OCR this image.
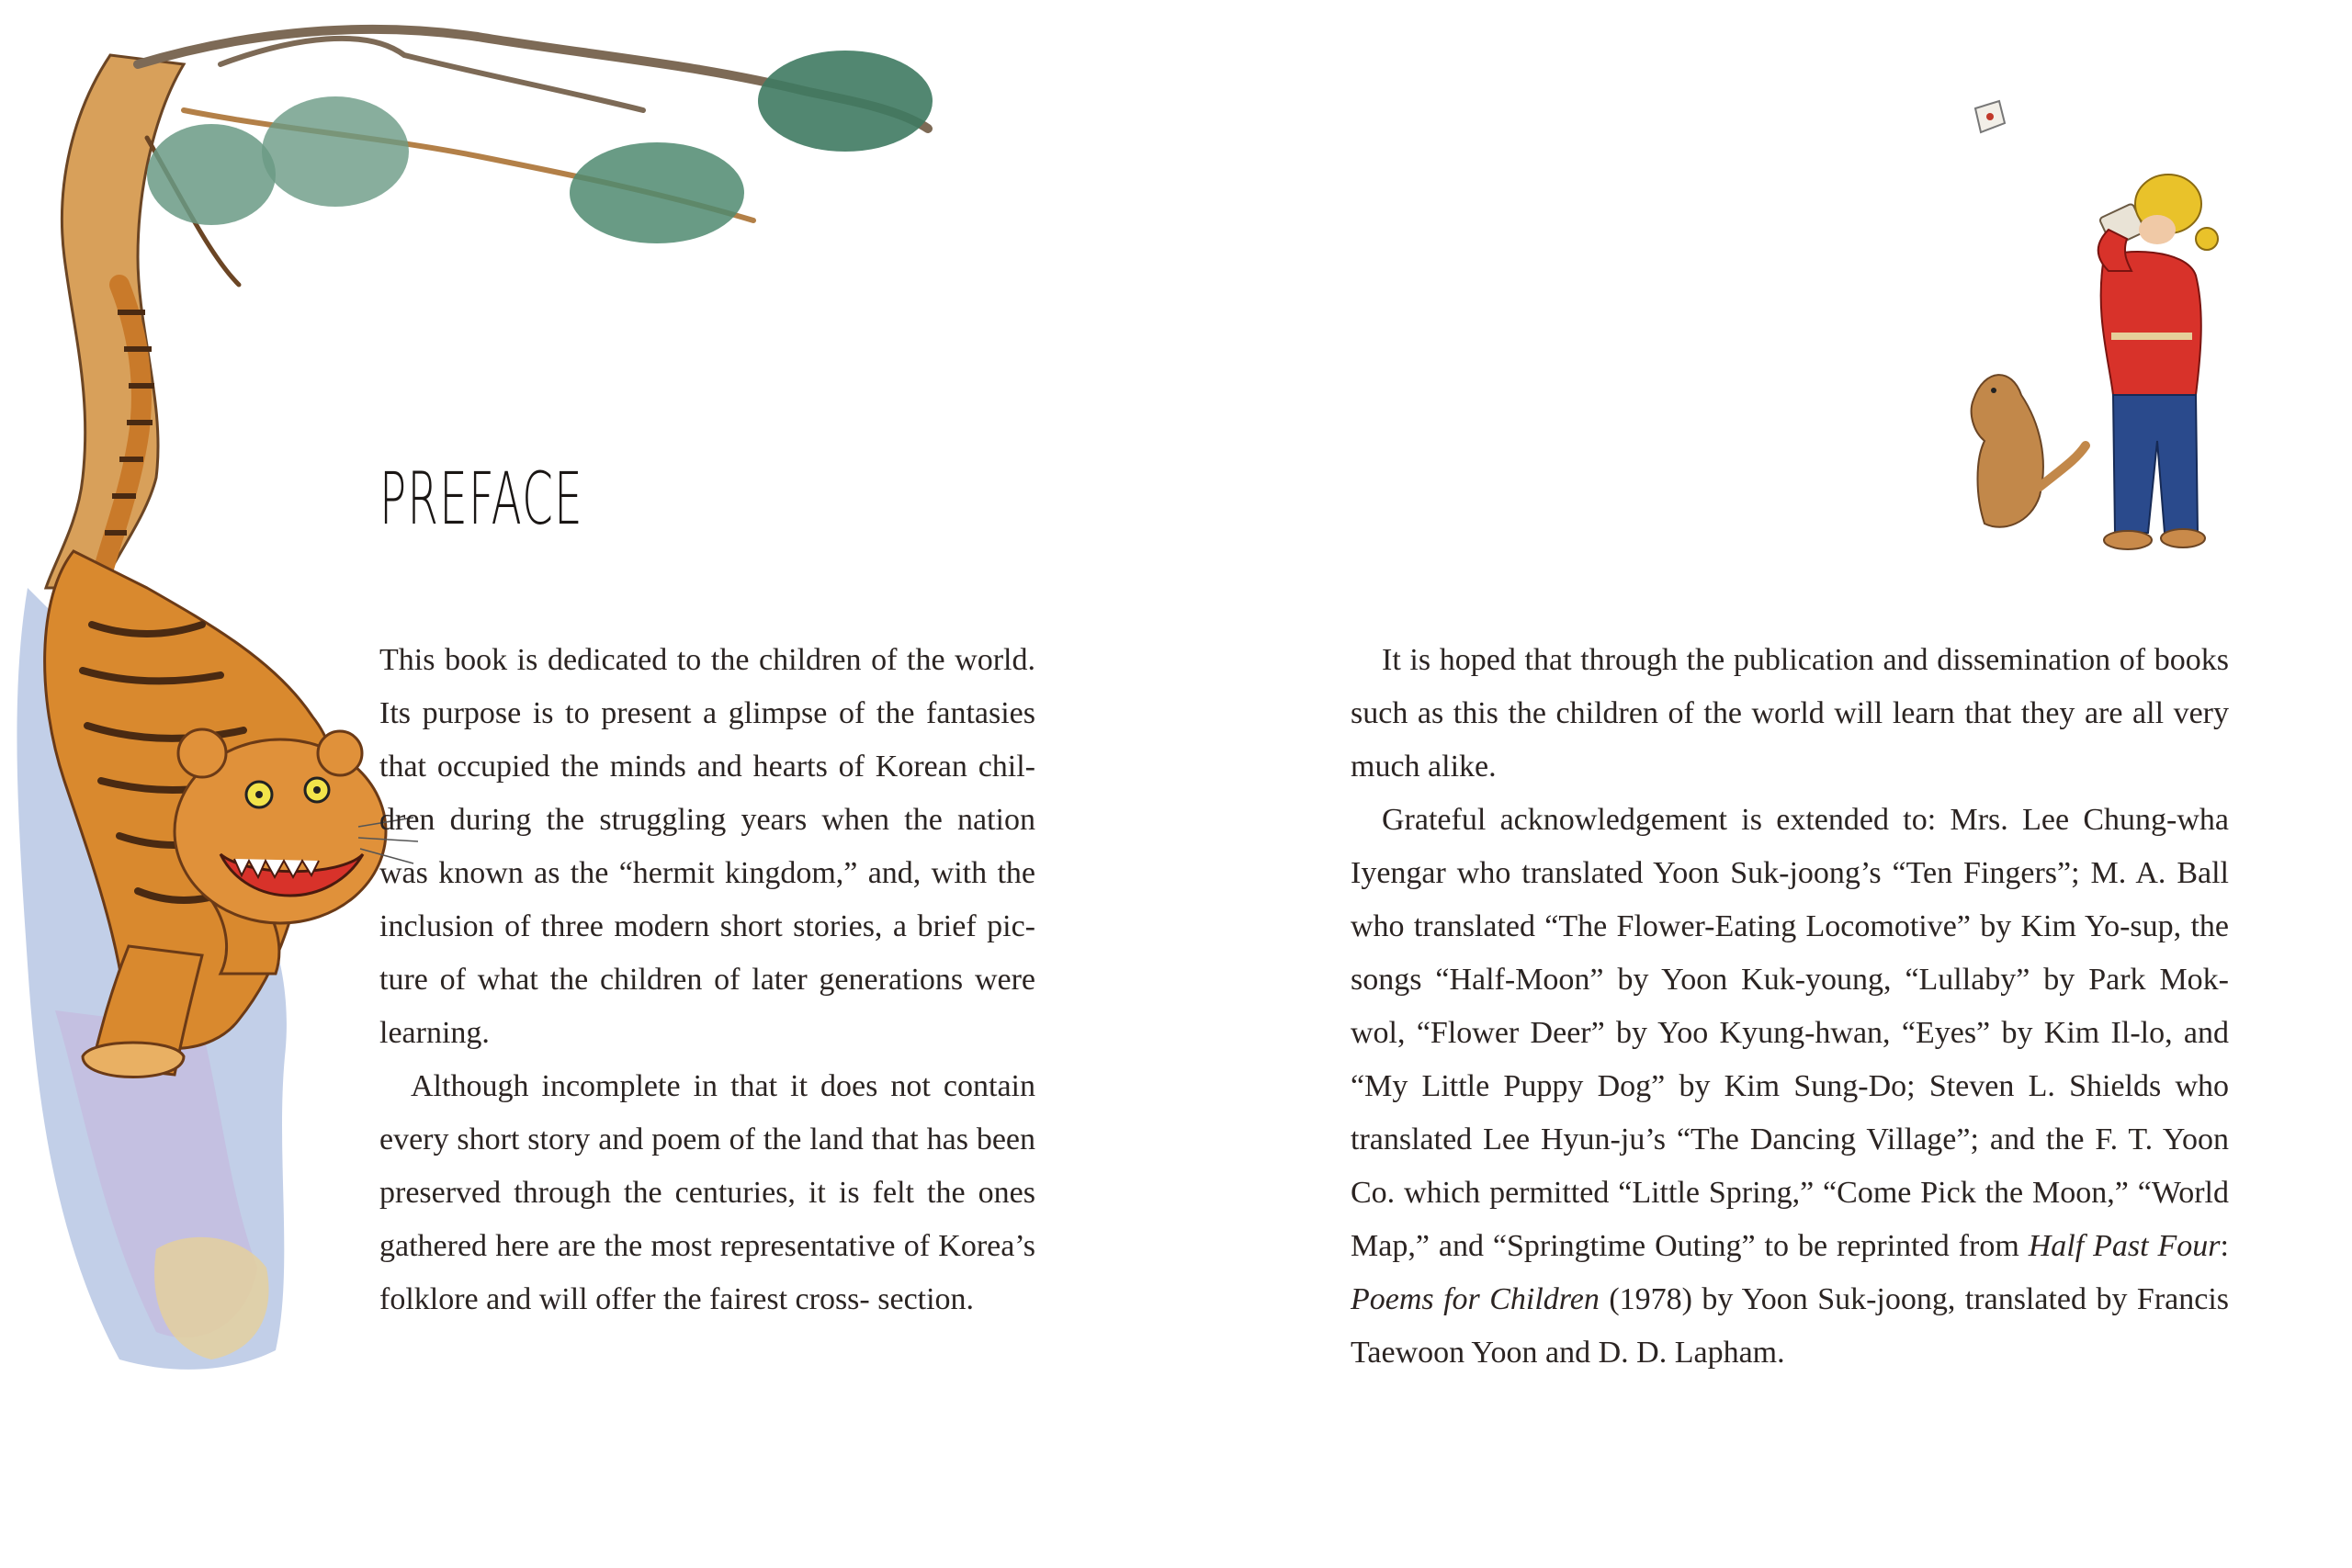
PREFACE

This book is dedicated to the children of the world. Its purpose is to present a glimpse of the fantasies that occupied the minds and hearts of Korean chil- dren during the struggling years when the nation was known as the “hermit kingdom,” and, with the inclusion of three modern short stories, a brief pic- ture of what the children of later generations were learning.

Although incomplete in that it does not contain every short story and poem of the land that has been preserved through the centuries, it is felt the ones gathered here are the most representative of Korea’s folklore and will offer the fairest cross- section.

It is hoped that through the publication and dissemination of books such as this the children of the world will learn that they are all very much alike.

Grateful acknowledgement is extended to: Mrs. Lee Chung-wha Iyengar who translated Yoon Suk-joong’s “Ten Fingers”; M. A. Ball who translated “The Flower-Eating Locomotive” by Kim Yo-sup, the songs “Half-Moon” by Yoon Kuk-young, “Lullaby” by Park Mok- wol, “Flower Deer” by Yoo Kyung-hwan, “Eyes” by Kim Il-lo, and “My Little Puppy Dog” by Kim Sung-Do; Steven L. Shields who translated Lee Hyun-ju’s “The Dancing Village”; and the F. T. Yoon Co. which permitted “Little Spring,” “Come Pick the Moon,” “World Map,” and “Springtime Outing” to be reprinted from Half Past Four: Poems for Children (1978) by Yoon Suk-joong, translated by Francis Taewoon Yoon and D. D. Lapham.
